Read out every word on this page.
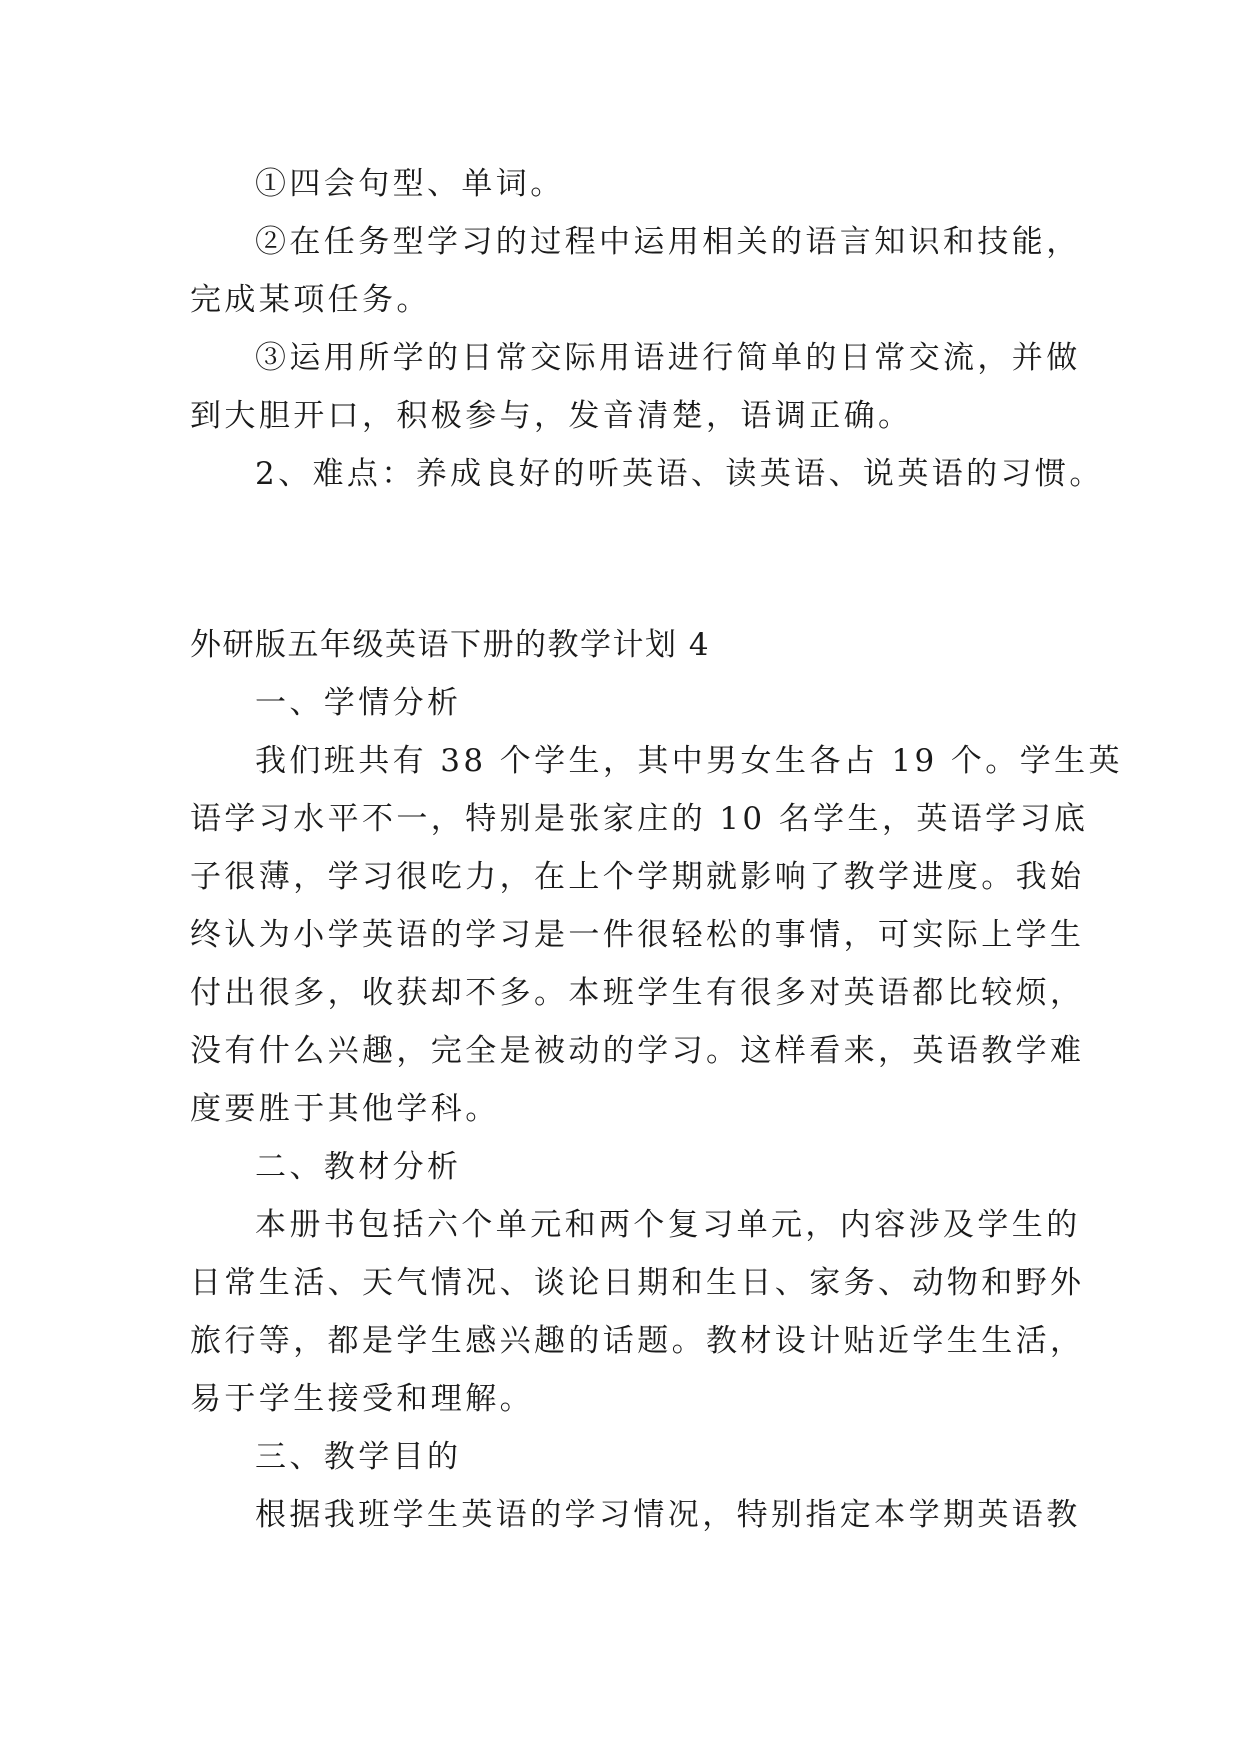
①四会句型、单词。
②在任务型学习的过程中运用相关的语言知识和技能，
完成某项任务。
③运用所学的日常交际用语进行简单的日常交流，并做
到大胆开口，积极参与，发音清楚，语调正确。
2、难点：养成良好的听英语、读英语、说英语的习惯。
外研版五年级英语下册的教学计划 4
一、学情分析
我们班共有 38 个学生，其中男女生各占 19 个。学生英
语学习水平不一，特别是张家庄的 10 名学生，英语学习底
子很薄，学习很吃力，在上个学期就影响了教学进度。我始
终认为小学英语的学习是一件很轻松的事情，可实际上学生
付出很多，收获却不多。本班学生有很多对英语都比较烦，
没有什么兴趣，完全是被动的学习。这样看来，英语教学难
度要胜于其他学科。
二、教材分析
本册书包括六个单元和两个复习单元，内容涉及学生的
日常生活、天气情况、谈论日期和生日、家务、动物和野外
旅行等，都是学生感兴趣的话题。教材设计贴近学生生活，
易于学生接受和理解。
三、教学目的
根据我班学生英语的学习情况，特别指定本学期英语教
